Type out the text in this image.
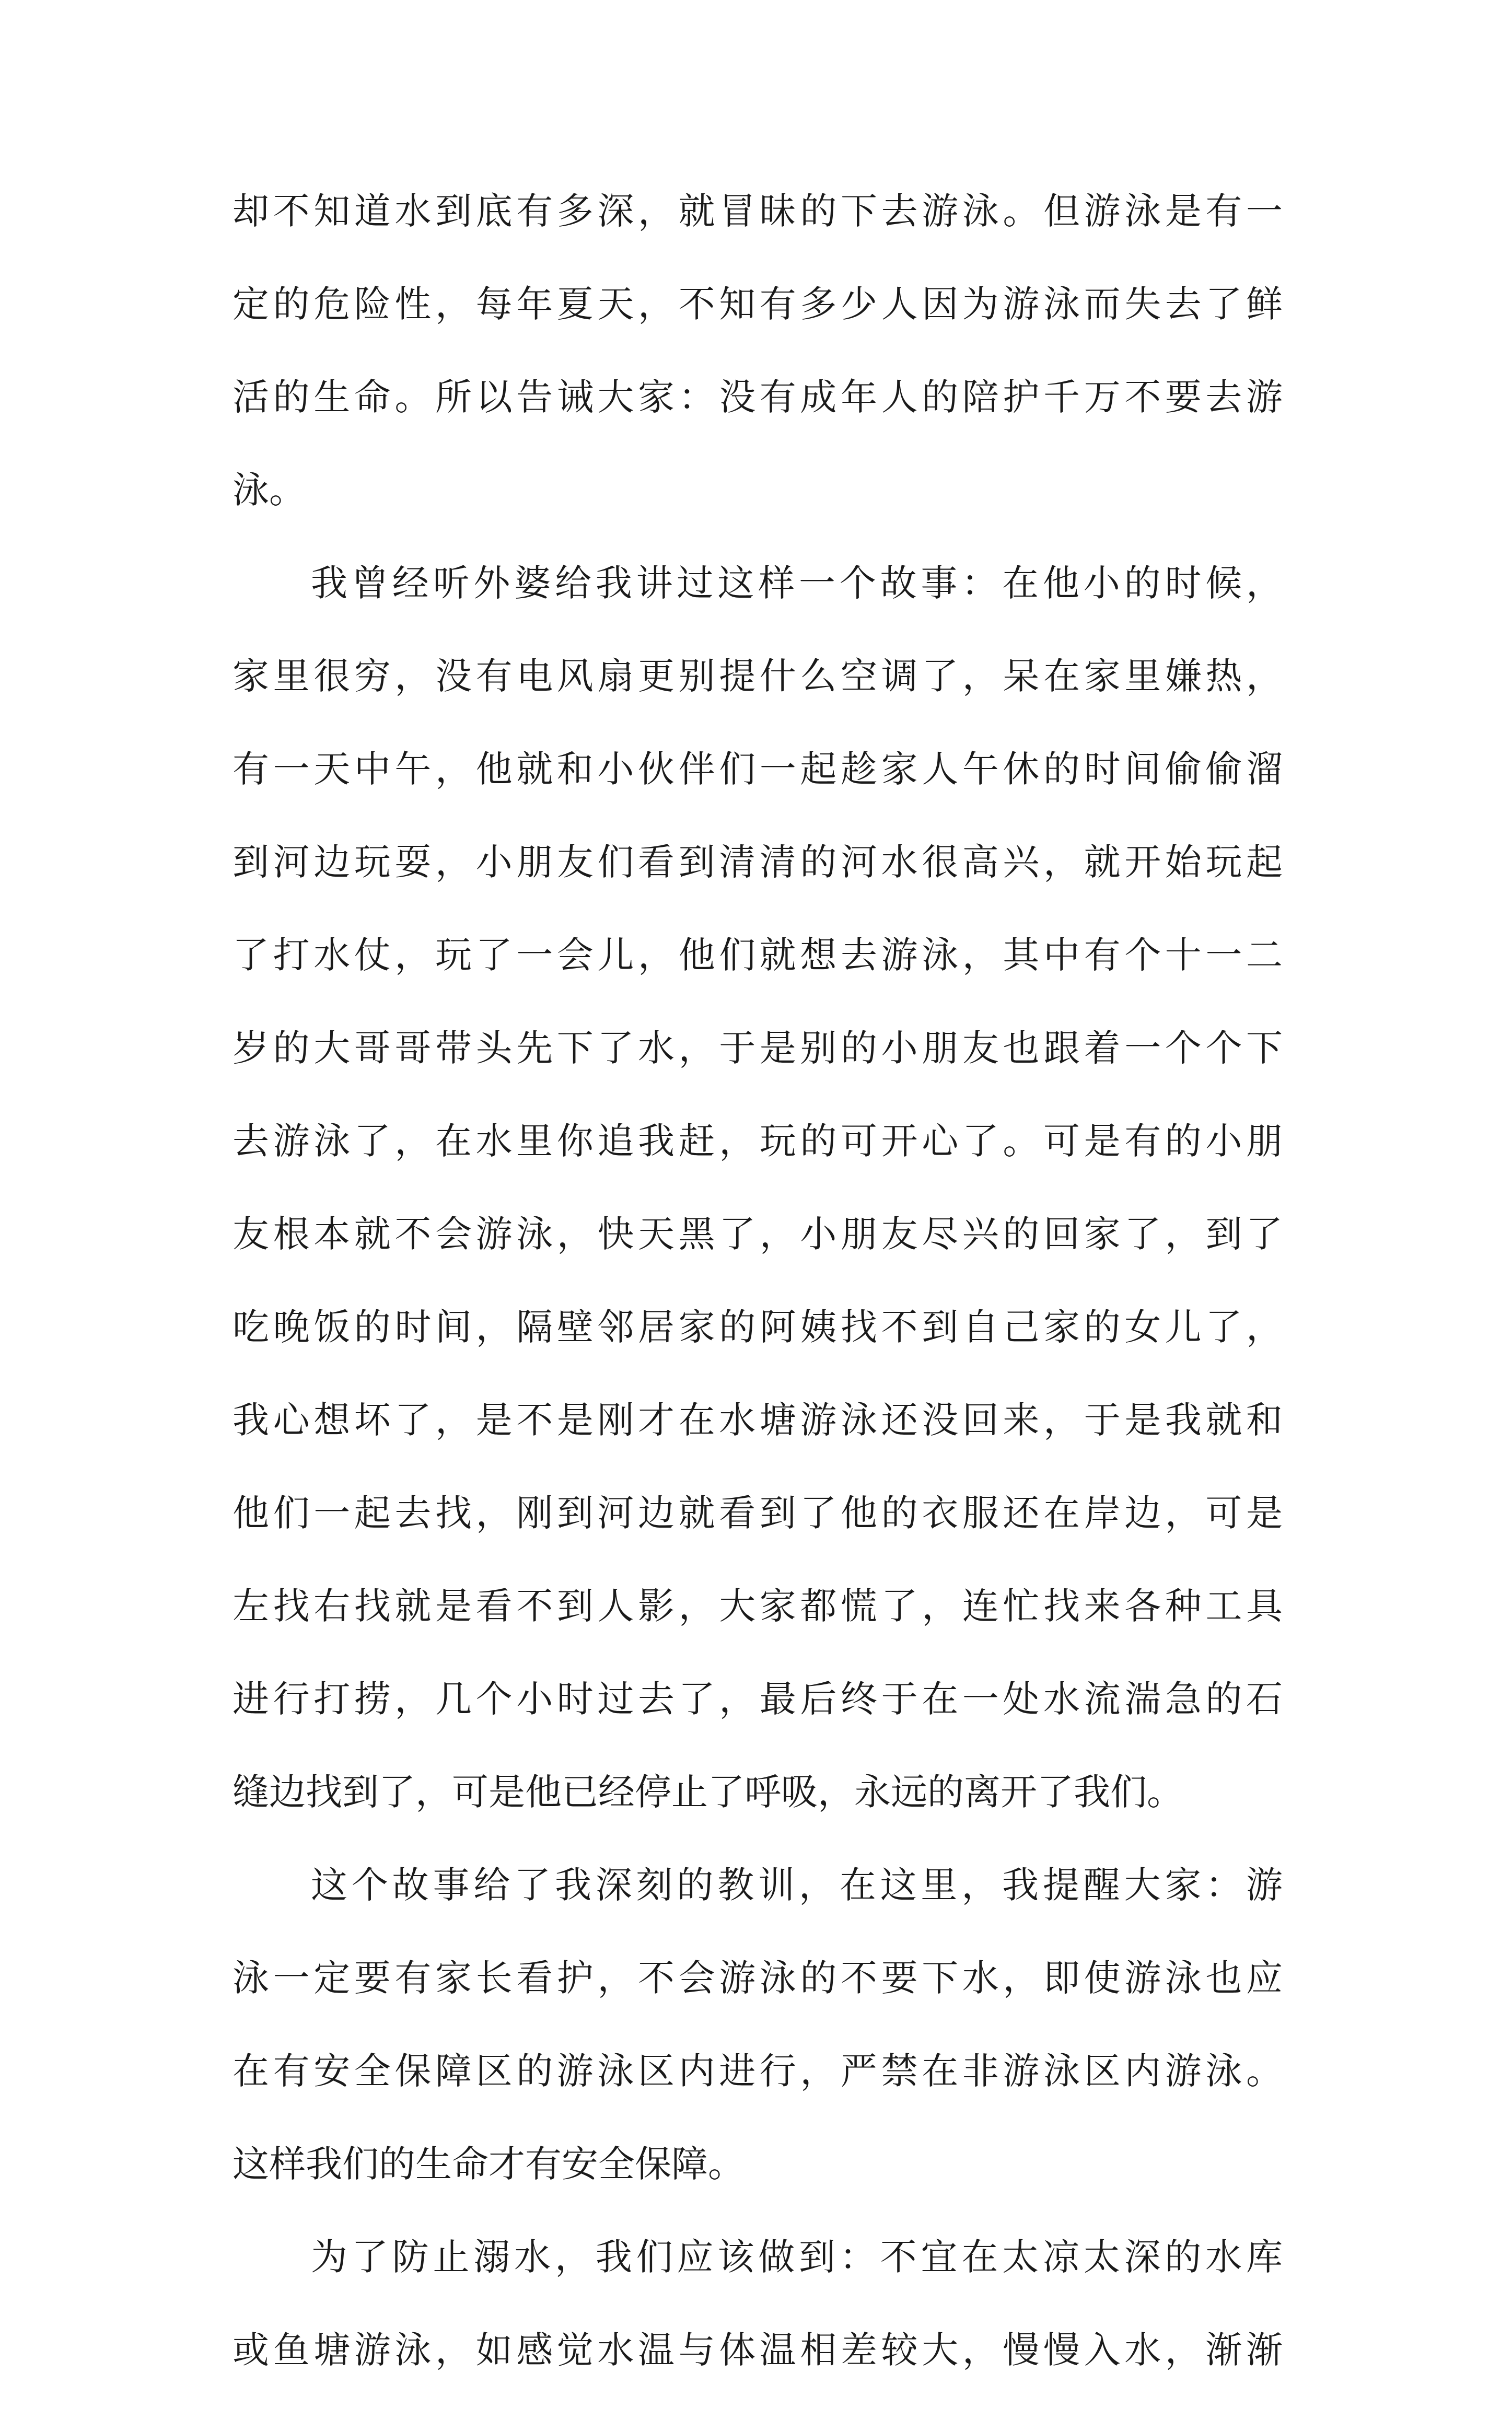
却不知道水到底有多深，就冒昧的下去游泳。但游泳是有一
定的危险性，每年夏天，不知有多少人因为游泳而失去了鲜
活的生命。所以告诫大家：没有成年人的陪护千万不要去游
泳。
我曾经听外婆给我讲过这样一个故事：在他小的时候，
家里很穷，没有电风扇更别提什么空调了，呆在家里嫌热，
有一天中午，他就和小伙伴们一起趁家人午休的时间偷偷溜
到河边玩耍，小朋友们看到清清的河水很高兴，就开始玩起
了打水仗，玩了一会儿，他们就想去游泳，其中有个十一二
岁的大哥哥带头先下了水，于是别的小朋友也跟着一个个下
去游泳了，在水里你追我赶，玩的可开心了。可是有的小朋
友根本就不会游泳，快天黑了，小朋友尽兴的回家了，到了
吃晚饭的时间，隔壁邻居家的阿姨找不到自己家的女儿了，
我心想坏了，是不是刚才在水塘游泳还没回来，于是我就和
他们一起去找，刚到河边就看到了他的衣服还在岸边，可是
左找右找就是看不到人影，大家都慌了，连忙找来各种工具
进行打捞，几个小时过去了，最后终于在一处水流湍急的石
缝边找到了，可是他已经停止了呼吸，永远的离开了我们。
这个故事给了我深刻的教训，在这里，我提醒大家：游
泳一定要有家长看护，不会游泳的不要下水，即使游泳也应
在有安全保障区的游泳区内进行，严禁在非游泳区内游泳。
这样我们的生命才有安全保障。
为了防止溺水，我们应该做到：不宜在太凉太深的水库
或鱼塘游泳，如感觉水温与体温相差较大，慢慢入水，渐渐
